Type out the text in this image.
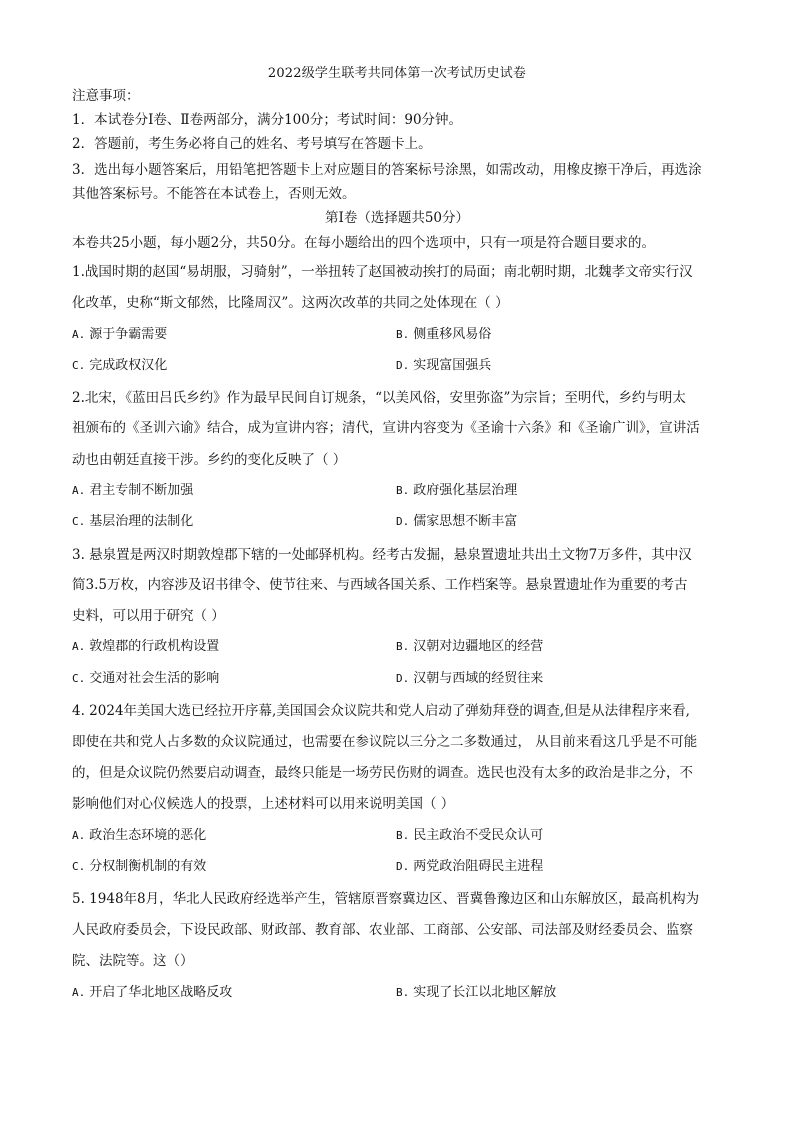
2022级学生联考共同体第一次考试历史试卷
注意事项：
1．本试卷分Ⅰ卷、Ⅱ卷两部分，满分100分；考试时间：90分钟。
2．答题前，考生务必将自己的姓名、考号填写在答题卡上。
3．选出每小题答案后，用铅笔把答题卡上对应题目的答案标号涂黑，如需改动，用橡皮擦干净后，再选涂
其他答案标号。不能答在本试卷上，否则无效。
第Ⅰ卷（选择题共50分）
本卷共25小题，每小题2分，共50分。在每小题给出的四个选项中，只有一项是符合题目要求的。
1.战国时期的赵国“易胡服，习骑射”，一举扭转了赵国被动挨打的局面；南北朝时期，北魏孝文帝实行汉
化改革，史称“斯文郁然，比隆周汉”。这两次改革的共同之处体现在（ ）
A. 源于争霸需要	B. 侧重移风易俗
C. 完成政权汉化	D. 实现富国强兵
2.北宋，《蓝田吕氏乡约》作为最早民间自订规条，“以美风俗，安里弥盗”为宗旨；至明代，乡约与明太
祖颁布的《圣训六谕》结合，成为宣讲内容；清代，宣讲内容变为《圣谕十六条》和《圣谕广训》，宣讲活
动也由朝廷直接干涉。乡约的变化反映了（ ）
A. 君主专制不断加强	B. 政府强化基层治理
C. 基层治理的法制化	D. 儒家思想不断丰富
3. 悬泉置是两汉时期敦煌郡下辖的一处邮驿机构。经考古发掘，悬泉置遗址共出土文物7万多件，其中汉
简3.5万枚，内容涉及诏书律令、使节往来、与西域各国关系、工作档案等。悬泉置遗址作为重要的考古
史料，可以用于研究（ ）
A. 敦煌郡的行政机构设置	B. 汉朝对边疆地区的经营
C. 交通对社会生活的影响	D. 汉朝与西域的经贸往来
4. 2024年美国大选已经拉开序幕,美国国会众议院共和党人启动了弹劾拜登的调查,但是从法律程序来看,
即使在共和党人占多数的众议院通过，也需要在参议院以三分之二多数通过， 从目前来看这几乎是不可能
的，但是众议院仍然要启动调查，最终只能是一场劳民伤财的调查。选民也没有太多的政治是非之分，不
影响他们对心仪候选人的投票，上述材料可以用来说明美国（ ）
A. 政治生态环境的恶化	B. 民主政治不受民众认可
C. 分权制衡机制的有效	D. 两党政治阻碍民主进程
5. 1948年8月，华北人民政府经选举产生，管辖原晋察冀边区、晋冀鲁豫边区和山东解放区，最高机构为
人民政府委员会，下设民政部、财政部、教育部、农业部、工商部、公安部、司法部及财经委员会、监察
院、法院等。这（）
A. 开启了华北地区战略反攻	B. 实现了长江以北地区解放
